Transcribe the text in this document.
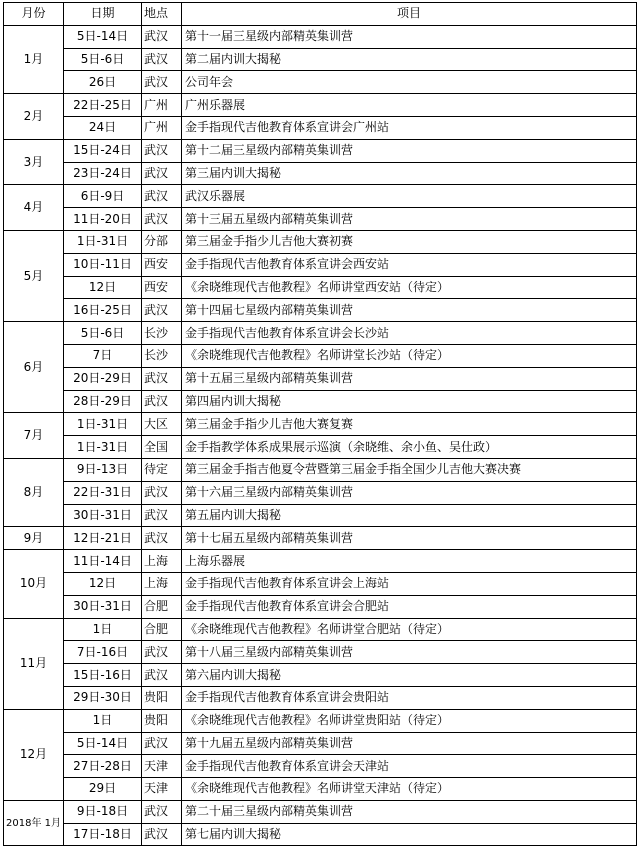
月份	日期	地点	项目
1月	5日-14日	武汉	第十一届三星级内部精英集训营
	5日-6日	武汉	第二届内训大揭秘
	26日	武汉	公司年会
2月	22日-25日	广州	广州乐器展
	24日	广州	金手指现代吉他教育体系宣讲会广州站
3月	15日-24日	武汉	第十二届三星级内部精英集训营
	23日-24日	武汉	第三届内训大揭秘
4月	6日-9日	武汉	武汉乐器展
	11日-20日	武汉	第十三届五星级内部精英集训营
5月	1日-31日	分部	第三届金手指少儿吉他大赛初赛
	10日-11日	西安	金手指现代吉他教育体系宣讲会西安站
	12日	西安	《余晓维现代吉他教程》名师讲堂西安站（待定）
	16日-25日	武汉	第十四届七星级内部精英集训营
6月	5日-6日	长沙	金手指现代吉他教育体系宣讲会长沙站
	7日	长沙	《余晓维现代吉他教程》名师讲堂长沙站（待定）
	20日-29日	武汉	第十五届三星级内部精英集训营
	28日-29日	武汉	第四届内训大揭秘
7月	1日-31日	大区	第三届金手指少儿吉他大赛复赛
	1日-31日	全国	金手指教学体系成果展示巡演（余晓维、余小鱼、吴仕政）
8月	9日-13日	待定	第三届金手指吉他夏令营暨第三届金手指全国少儿吉他大赛决赛
	22日-31日	武汉	第十六届三星级内部精英集训营
	30日-31日	武汉	第五届内训大揭秘
9月	12日-21日	武汉	第十七届五星级内部精英集训营
10月	11日-14日	上海	上海乐器展
	12日	上海	金手指现代吉他教育体系宣讲会上海站
	30日-31日	合肥	金手指现代吉他教育体系宣讲会合肥站
11月	1日	合肥	《余晓维现代吉他教程》名师讲堂合肥站（待定）
	7日-16日	武汉	第十八届三星级内部精英集训营
	15日-16日	武汉	第六届内训大揭秘
	29日-30日	贵阳	金手指现代吉他教育体系宣讲会贵阳站
12月	1日	贵阳	《余晓维现代吉他教程》名师讲堂贵阳站（待定）
	5日-14日	武汉	第十九届五星级内部精英集训营
	27日-28日	天津	金手指现代吉他教育体系宣讲会天津站
	29日	天津	《余晓维现代吉他教程》名师讲堂天津站（待定）
2018年 1月	9日-18日	武汉	第二十届三星级内部精英集训营
	17日-18日	武汉	第七届内训大揭秘
